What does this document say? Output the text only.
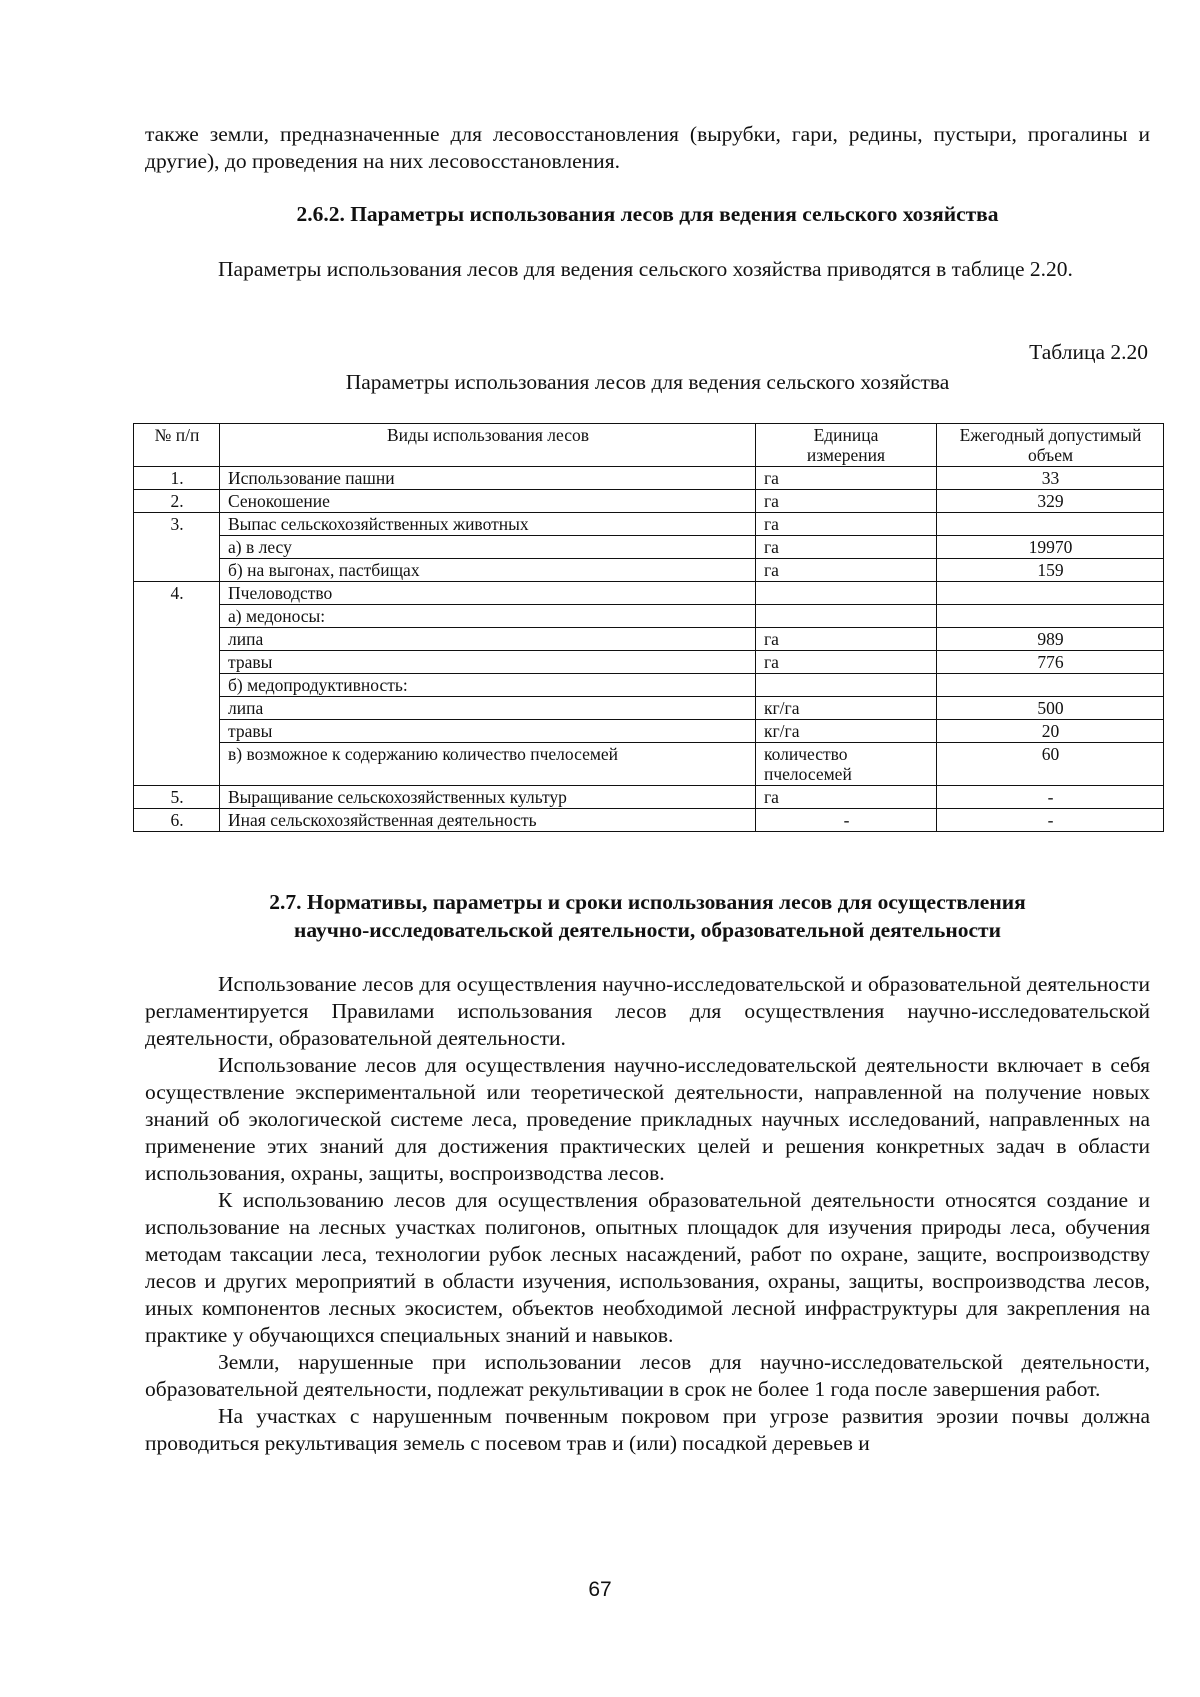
также земли, предназначенные для лесовосстановления (вырубки, гари, редины, пустыри, прогалины и другие), до проведения на них лесовосстановления.

2.6.2. Параметры использования лесов для ведения сельского хозяйства

Параметры использования лесов для ведения сельского хозяйства приводятся в таблице 2.20.

Таблица 2.20
Параметры использования лесов для ведения сельского хозяйства
№ п/п	Виды использования лесов	Единица измерения	Ежегодный допустимый объем
1.	Использование пашни	га	33
2.	Сенокошение	га	329
3.	Выпас сельскохозяйственных животных	га	
	а) в лесу	га	19970
	б) на выгонах, пастбищах	га	159
4.	Пчеловодство		
	а) медоносы:		
	липа	га	989
	травы	га	776
	б) медопродуктивность:		
	липа	кг/га	500
	травы	кг/га	20
	в) возможное к содержанию количество пчелосемей	количество пчелосемей	60
5.	Выращивание сельскохозяйственных культур	га	-
6.	Иная сельскохозяйственная деятельность	-	-
2.7. Нормативы, параметры и сроки использования лесов для осуществления
научно-исследовательской деятельности, образовательной деятельности

Использование лесов для осуществления научно-исследовательской и образовательной деятельности регламентируется Правилами использования лесов для осуществления научно-исследовательской деятельности, образовательной деятельности.

Использование лесов для осуществления научно-исследовательской деятельности включает в себя осуществление экспериментальной или теоретической деятельности, направленной на получение новых знаний об экологической системе леса, проведение прикладных научных исследований, направленных на применение этих знаний для достижения практических целей и решения конкретных задач в области использования, охраны, защиты, воспроизводства лесов.

К использованию лесов для осуществления образовательной деятельности относятся создание и использование на лесных участках полигонов, опытных площадок для изучения природы леса, обучения методам таксации леса, технологии рубок лесных насаждений, работ по охране, защите, воспроизводству лесов и других мероприятий в области изучения, использования, охраны, защиты, воспроизводства лесов, иных компонентов лесных экосистем, объектов необходимой лесной инфраструктуры для закрепления на практике у обучающихся специальных знаний и навыков.

Земли, нарушенные при использовании лесов для научно-исследовательской деятельности, образовательной деятельности, подлежат рекультивации в срок не более 1 года после завершения работ.

На участках с нарушенным почвенным покровом при угрозе развития эрозии почвы должна проводиться рекультивация земель с посевом трав и (или) посадкой деревьев и

67
